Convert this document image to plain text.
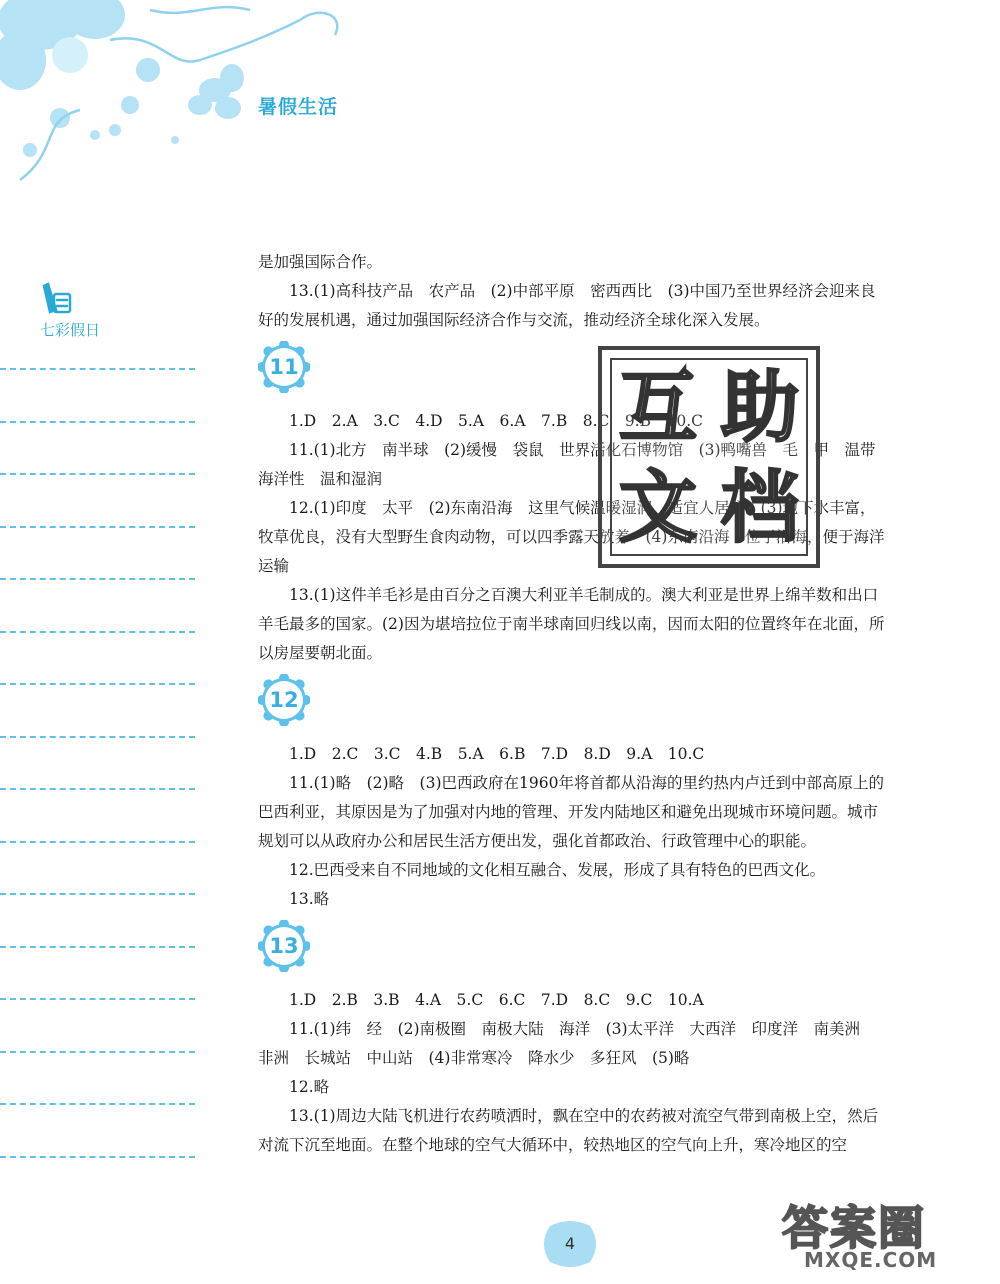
暑假生活
七彩假日

是加强国际合作。

13.(1)高科技产品　农产品　(2)中部平原　密西西比　(3)中国乃至世界经济会迎来良好的发展机遇，通过加强国际经济合作与交流，推动经济全球化深入发展。

11

1.D　2.A　3.C　4.D　5.A　6.A　7.B　8.C　9.B　10.C

11.(1)北方　南半球　(2)缓慢　袋鼠　世界活化石博物馆　(3)鸭嘴兽　毛　甲　温带海洋性　温和湿润

12.(1)印度　太平　(2)东南沿海　这里气候温暖湿润，适宜人居住　(3)地下水丰富，牧草优良，没有大型野生食肉动物，可以四季露天放养　(4)东南沿海　位于沿海，便于海洋运输

13.(1)这件羊毛衫是由百分之百澳大利亚羊毛制成的。澳大利亚是世界上绵羊数和出口羊毛最多的国家。(2)因为堪培拉位于南半球南回归线以南，因而太阳的位置终年在北面，所以房屋要朝北面。

12

1.D　2.C　3.C　4.B　5.A　6.B　7.D　8.D　9.A　10.C

11.(1)略　(2)略　(3)巴西政府在1960年将首都从沿海的里约热内卢迁到中部高原上的巴西利亚，其原因是为了加强对内地的管理、开发内陆地区和避免出现城市环境问题。城市规划可以从政府办公和居民生活方便出发，强化首都政治、行政管理中心的职能。

12.巴西受来自不同地域的文化相互融合、发展，形成了具有特色的巴西文化。

13.略

13

1.D　2.B　3.B　4.A　5.C　6.C　7.D　8.C　9.C　10.A

11.(1)纬　经　(2)南极圈　南极大陆　海洋　(3)太平洋　大西洋　印度洋　南美洲　非洲　长城站　中山站　(4)非常寒冷　降水少　多狂风　(5)略

12.略

13.(1)周边大陆飞机进行农药喷洒时，飘在空中的农药被对流空气带到南极上空，然后对流下沉至地面。在整个地球的空气大循环中，较热地区的空气向上升，寒冷地区的空

互 助
文 档
4	答案圈
MXQE.COM
